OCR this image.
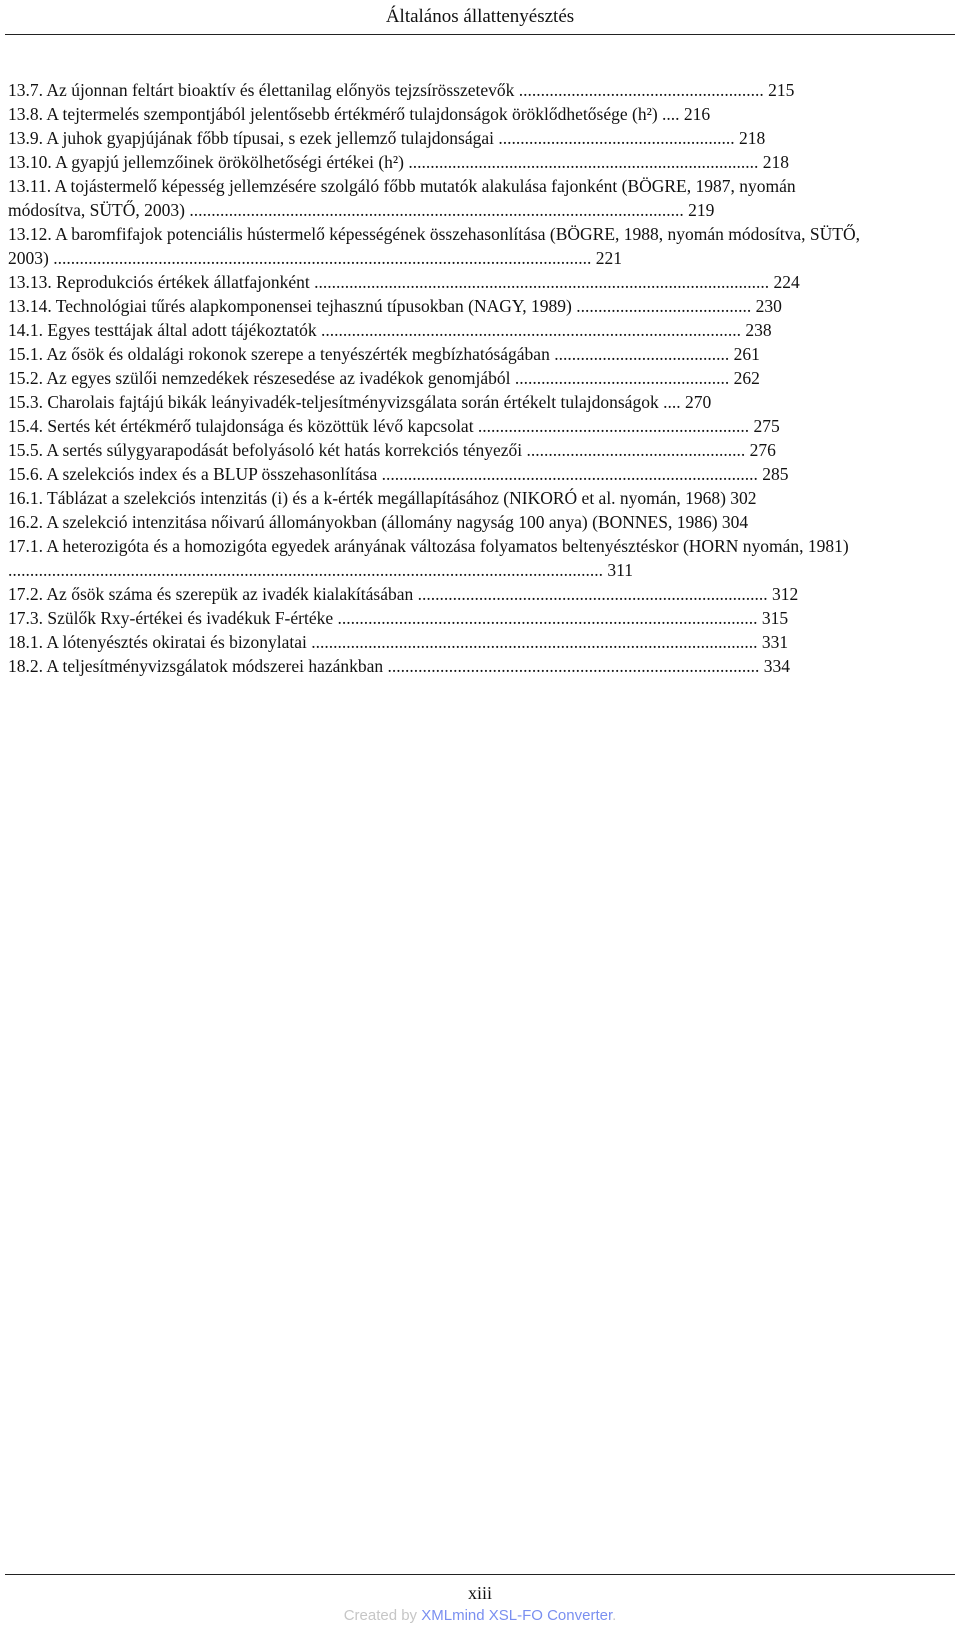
Általános állattenyésztés
13.7. Az újonnan feltárt bioaktív és élettanilag előnyös tejzsírösszetevők ........................................................ 215
13.8. A tejtermelés szempontjából jelentősebb értékmérő tulajdonságok öröklődhetősége (h²) .... 216
13.9. A juhok gyapjújának főbb típusai, s ezek jellemző tulajdonságai ...................................................... 218
13.10. A gyapjú jellemzőinek örökölhetőségi értékei (h²) ................................................................................ 218
13.11. A tojástermelő képesség jellemzésére szolgáló főbb mutatók alakulása fajonként (BÖGRE, 1987, nyomán módosítva, SÜTŐ, 2003) ................................................................................................................. 219
13.12. A baromfifajok potenciális hústermelő képességének összehasonlítása (BÖGRE, 1988, nyomán módosítva, SÜTŐ, 2003) ........................................................................................................................... 221
13.13. Reprodukciós értékek állatfajonként ........................................................................................................ 224
13.14. Technológiai tűrés alapkomponensei tejhasznú típusokban (NAGY, 1989) ........................................ 230
14.1. Egyes testtájak által adott tájékoztatók ................................................................................................ 238
15.1. Az ősök és oldalági rokonok szerepe a tenyészérték megbízhatóságában ........................................ 261
15.2. Az egyes szülői nemzedékek részesedése az ivadékok genomjából ................................................. 262
15.3. Charolais fajtájú bikák leányivadék-teljesítményvizsgálata során értékelt tulajdonságok .... 270
15.4. Sertés két értékmérő tulajdonsága és közöttük lévő kapcsolat .............................................................. 275
15.5. A sertés súlygyarapodását befolyásoló két hatás korrekciós tényezői .................................................. 276
15.6. A szelekciós index és a BLUP összehasonlítása ...................................................................................... 285
16.1. Táblázat a szelekciós intenzitás (i) és a k-érték megállapításához (NIKORÓ et al. nyomán, 1968) 302
16.2. A szelekció intenzitása nőivarú állományokban (állomány nagyság 100 anya) (BONNES, 1986) 304
17.1. A heterozigóta és a homozigóta egyedek arányának változása folyamatos beltenyésztéskor (HORN nyomán, 1981) ........................................................................................................................................ 311
17.2. Az ősök száma és szerepük az ivadék kialakításában ................................................................................ 312
17.3. Szülők Rxy-értékei és ivadékuk F-értéke ................................................................................................ 315
18.1. A lótenyésztés okiratai és bizonylatai ...................................................................................................... 331
18.2. A teljesítményvizsgálatok módszerei hazánkban ..................................................................................... 334
xiii
Created by XMLmind XSL-FO Converter.
